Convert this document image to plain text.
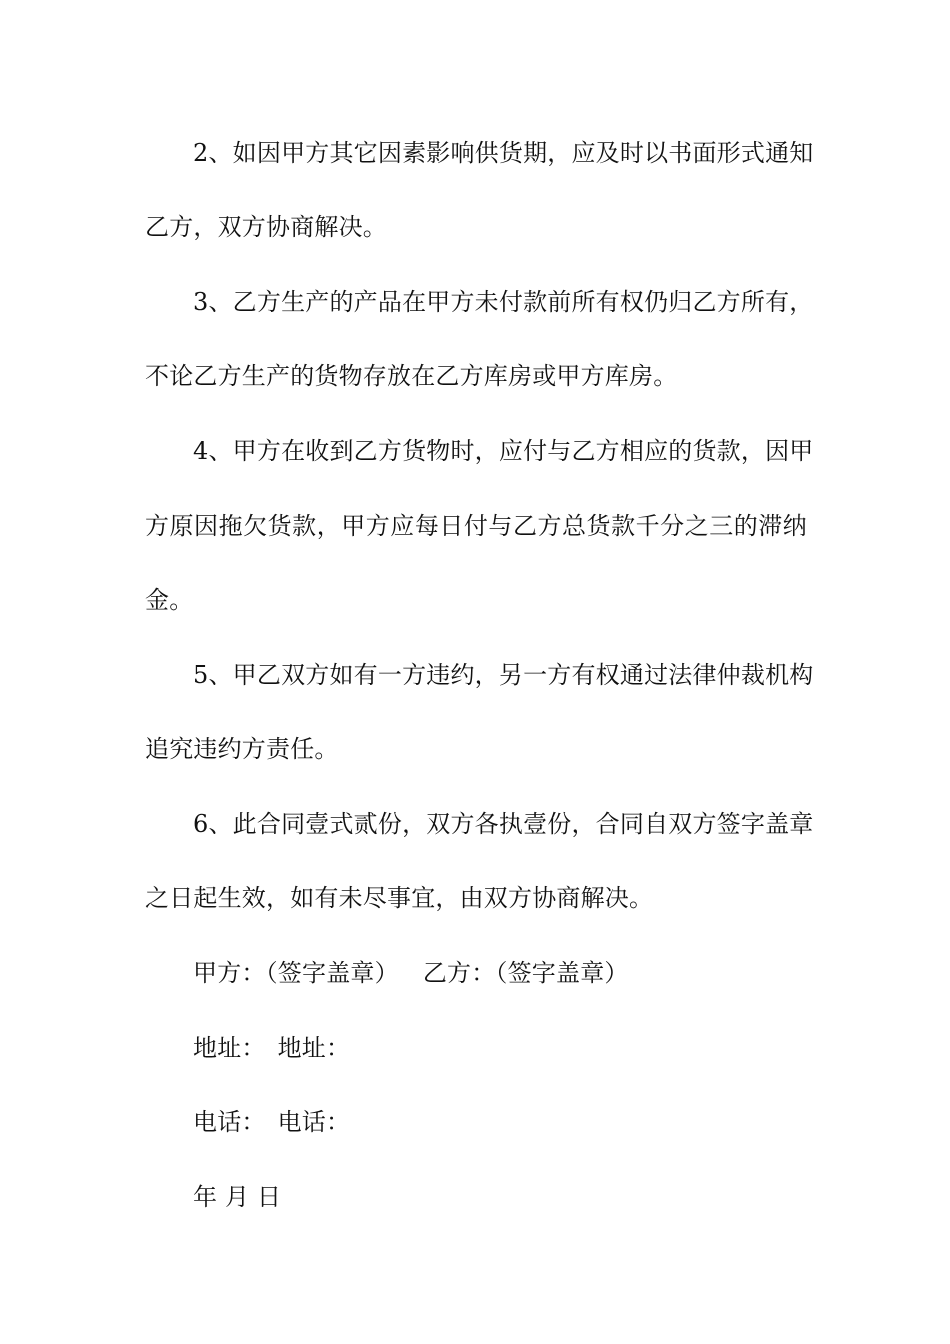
2、如因甲方其它因素影响供货期，应及时以书面形式通知
乙方，双方协商解决。
3、乙方生产的产品在甲方未付款前所有权仍归乙方所有，
不论乙方生产的货物存放在乙方库房或甲方库房。
4、甲方在收到乙方货物时，应付与乙方相应的货款，因甲
方原因拖欠货款，甲方应每日付与乙方总货款千分之三的滞纳
金。
5、甲乙双方如有一方违约，另一方有权通过法律仲裁机构
追究违约方责任。
6、此合同壹式贰份，双方各执壹份，合同自双方签字盖章
之日起生效，如有未尽事宜，由双方协商解决。
甲方：（签字盖章） 乙方：（签字盖章）
地址： 地址：
电话： 电话：
年 月 日
